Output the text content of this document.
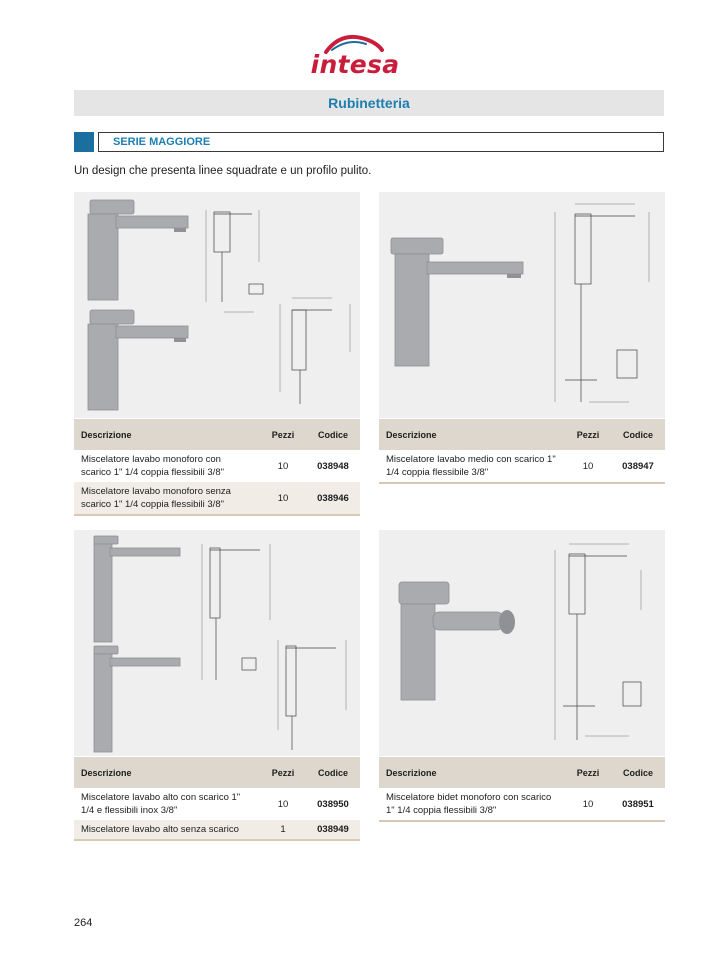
intesa
Rubinetteria
SERIE MAGGIORE
Un design che presenta linee squadrate e un profilo pulito.
Descrizione	Pezzi	Codice
Miscelatore lavabo monoforo con scarico 1" 1/4 coppia flessibili 3/8"	10	038948
Miscelatore lavabo monoforo senza scarico 1" 1/4 coppia flessibili 3/8"	10	038946
Descrizione	Pezzi	Codice
Miscelatore lavabo medio con scarico 1" 1/4 coppia flessibile 3/8"	10	038947
Descrizione	Pezzi	Codice
Miscelatore lavabo alto con scarico 1" 1/4 e flessibili inox 3/8"	10	038950
Miscelatore lavabo alto senza scarico	1	038949
Descrizione	Pezzi	Codice
Miscelatore bidet monoforo con scarico 1" 1/4 coppia flessibili 3/8"	10	038951
264
